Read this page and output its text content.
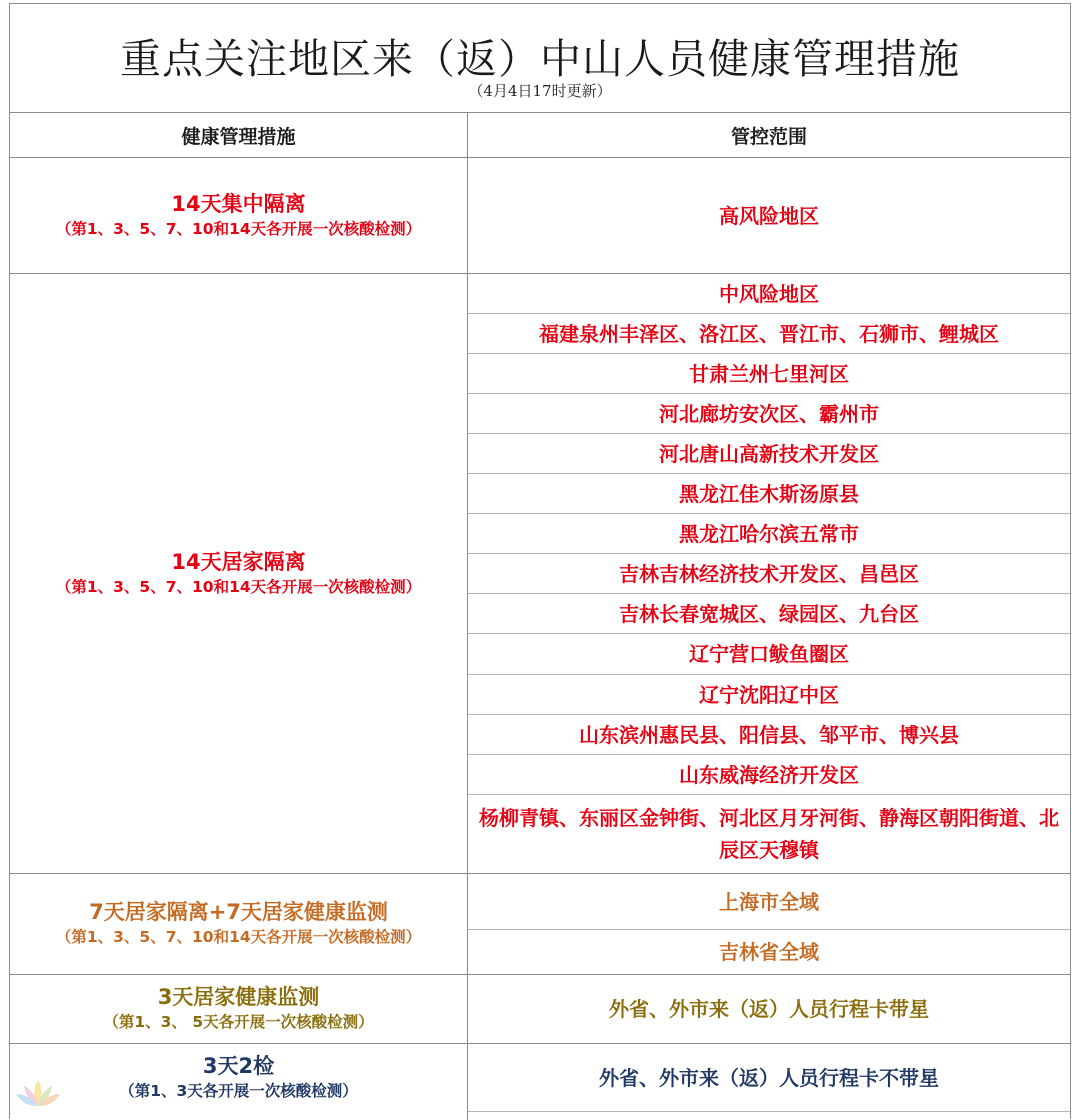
重点关注地区来（返）中山人员健康管理措施
（4月4日17时更新）
健康管理措施	管控范围
14天集中隔离
（第1、3、5、7、10和14天各开展一次核酸检测）
高风险地区
14天居家隔离
（第1、3、5、7、10和14天各开展一次核酸检测）
中风险地区
福建泉州丰泽区、洛江区、晋江市、石狮市、鲤城区
甘肃兰州七里河区
河北廊坊安次区、霸州市
河北唐山高新技术开发区
黑龙江佳木斯汤原县
黑龙江哈尔滨五常市
吉林吉林经济技术开发区、昌邑区
吉林长春宽城区、绿园区、九台区
辽宁营口鲅鱼圈区
辽宁沈阳辽中区
山东滨州惠民县、阳信县、邹平市、博兴县
山东威海经济开发区
杨柳青镇、东丽区金钟街、河北区月牙河街、静海区朝阳街道、北辰区天穆镇
7天居家隔离+7天居家健康监测
（第1、3、5、7、10和14天各开展一次核酸检测）
上海市全域
吉林省全域
3天居家健康监测
（第1、3、 5天各开展一次核酸检测）
外省、外市来（返）人员行程卡带星
3天2检
（第1、3天各开展一次核酸检测）
外省、外市来（返）人员行程卡不带星
